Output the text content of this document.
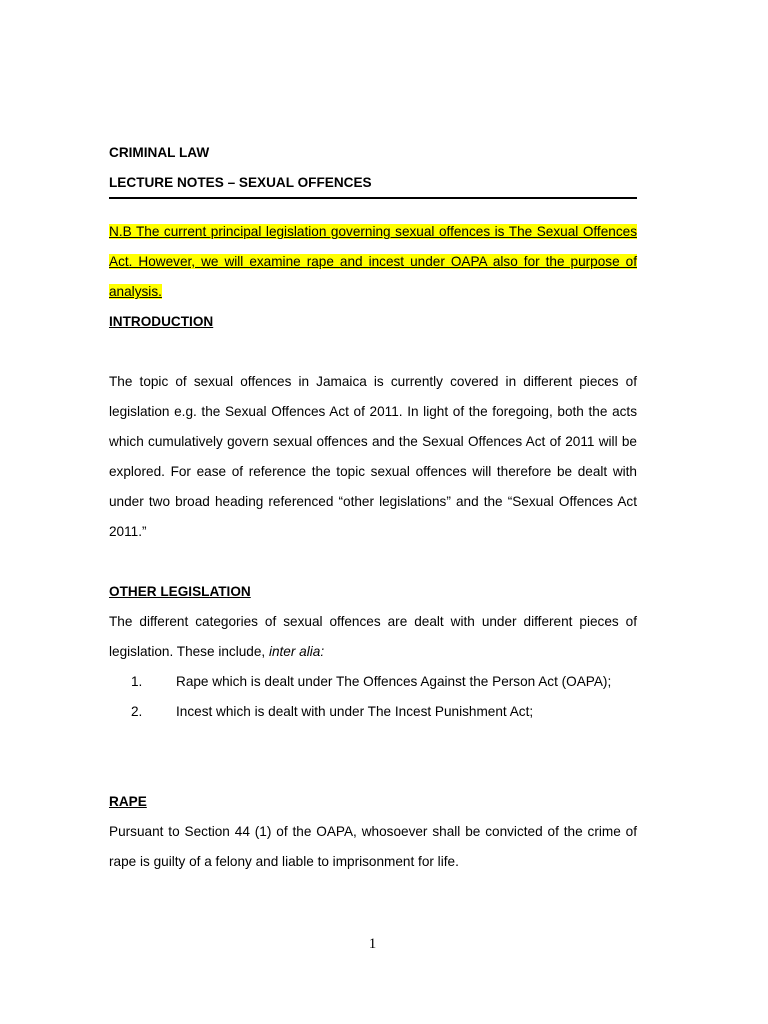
CRIMINAL LAW
LECTURE NOTES – SEXUAL OFFENCES

N.B The current principal legislation governing sexual offences is The Sexual Offences Act. However, we will examine rape and incest under OAPA also for the purpose of analysis.

INTRODUCTION

The topic of sexual offences in Jamaica is currently covered in different pieces of legislation e.g. the Sexual Offences Act of 2011. In light of the foregoing, both the acts which cumulatively govern sexual offences and the Sexual Offences Act of 2011 will be explored. For ease of reference the topic sexual offences will therefore be dealt with under two broad heading referenced “other legislations” and the “Sexual Offences Act 2011.”

OTHER LEGISLATION

The different categories of sexual offences are dealt with under different pieces of legislation. These include, inter alia:

1.	Rape which is dealt under The Offences Against the Person Act (OAPA);
2.	Incest which is dealt with under The Incest Punishment Act;
RAPE

Pursuant to Section 44 (1) of the OAPA, whosoever shall be convicted of the crime of rape is guilty of a felony and liable to imprisonment for life.

1
